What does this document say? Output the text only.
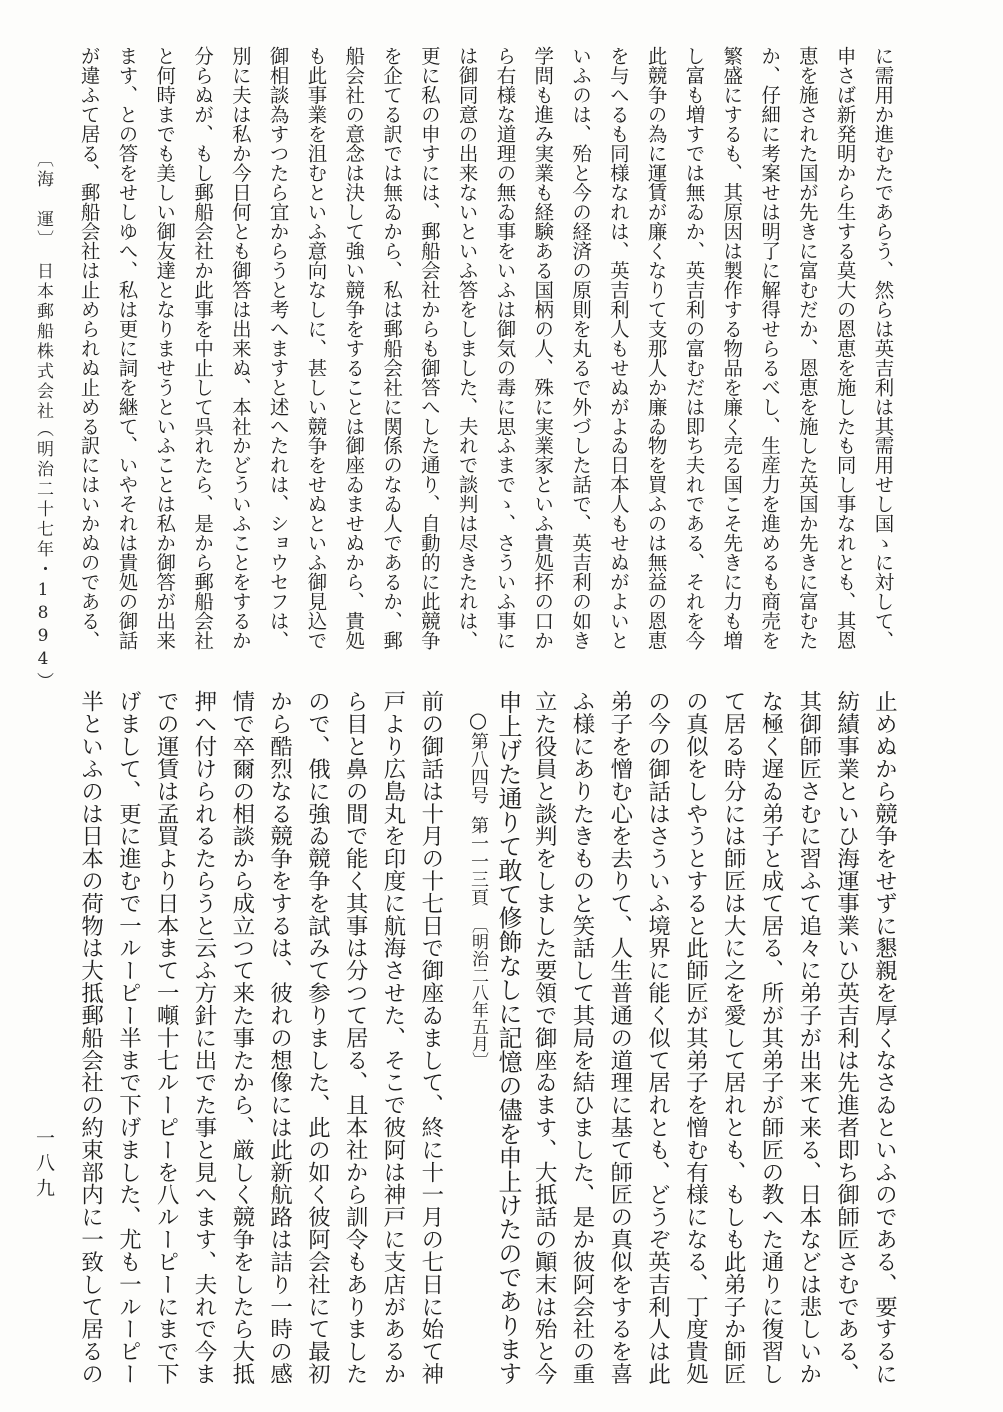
〔海　運〕
日本郵船株式会社
（明治二十七年・1894）
一八九
に需用か進むたであらう、然らは英吉利は其需用せし国ゝに対して、
申さば新発明から生する莫大の恩恵を施したも同し事なれとも、其恩
恵を施された国が先きに富むだか、恩恵を施した英国か先きに富むた
か、仔細に考案せは明了に解得せらるべし、生産力を進めるも商売を
繁盛にするも、其原因は製作する物品を廉く売る国こそ先きに力も増
し富も増すでは無ゐか、英吉利の富むだは即ち夫れである、それを今
此競争の為に運賃が廉くなりて支那人か廉ゐ物を買ふのは無益の恩恵
を与へるも同様なれは、英吉利人もせぬがよゐ日本人もせぬがよいと
いふのは、殆と今の経済の原則を丸るで外づした話で、英吉利の如き
学問も進み実業も経験ある国柄の人、殊に実業家といふ貴処抔の口か
ら右様な道理の無ゐ事をいふは御気の毒に思ふまでゝ、さういふ事に
は御同意の出来ないといふ答をしました、夫れで談判は尽きたれは、
更に私の申すには、郵船会社からも御答へした通り、自動的に此競争
を企てる訳では無ゐから、私は郵船会社に関係のなゐ人であるか、郵
船会社の意念は決して強い競争をすることは御座ゐませぬから、貴処
も此事業を沮むといふ意向なしに、甚しい競争をせぬといふ御見込で
御相談為すつたら宜からうと考へますと述へたれは、ショウセフは、
別に夫は私か今日何とも御答は出来ぬ、本社かどういふことをするか
分らぬが、もし郵船会社か此事を中止して呉れたら、是から郵船会社
と何時までも美しい御友達となりませうといふことは私か御答が出来
ます、との答をせしゆへ、私は更に詞を継て、いやそれは貴処の御話
が違ふて居る、郵船会社は止められぬ止める訳にはいかぬのである、
○第八四号第一一三頁〔明治二八年五月〕	止めぬから競争をせずに懇親を厚くなさゐといふのである、要するに
紡績事業といひ海運事業いひ英吉利は先進者即ち御師匠さむである、
其御師匠さむに習ふて追々に弟子が出来て来る、日本などは悲しいか
な極く遅ゐ弟子と成て居る、所が其弟子が師匠の教へた通りに復習し
て居る時分には師匠は大に之を愛して居れとも、もしも此弟子か師匠
の真似をしやうとすると此師匠が其弟子を憎む有様になる、丁度貴処
の今の御話はさういふ境界に能く似て居れとも、どうぞ英吉利人は此
弟子を憎む心を去りて、人生普通の道理に基て師匠の真似をするを喜
ふ様にありたきものと笑話して其局を結ひました、是か彼阿会社の重
立た役員と談判をしました要領で御座ゐます、大抵話の顚末は殆と今
申上げた通りて敢て修飾なしに記憶の儘を申上けたのであります
前の御話は十月の十七日で御座ゐまして、終に十一月の七日に始て神
戸より広島丸を印度に航海させた、そこで彼阿は神戸に支店があるか
ら目と鼻の間で能く其事は分つて居る、且本社から訓令もありました
ので、俄に強ゐ競争を試みて参りました、此の如く彼阿会社にて最初
から酷烈なる競争をするは、彼れの想像には此新航路は詰り一時の感
情で卒爾の相談から成立つて来た事たから、厳しく競争をしたら大抵
押へ付けられるたらうと云ふ方針に出でた事と見へます、夫れで今ま
での運賃は孟買より日本まて一噸十七ルーピーを八ルーピーにまで下
げまして、更に進むで一ルーピー半まで下げました、尤も一ルーピー
半といふのは日本の荷物は大抵郵船会社の約束部内に一致して居るの
